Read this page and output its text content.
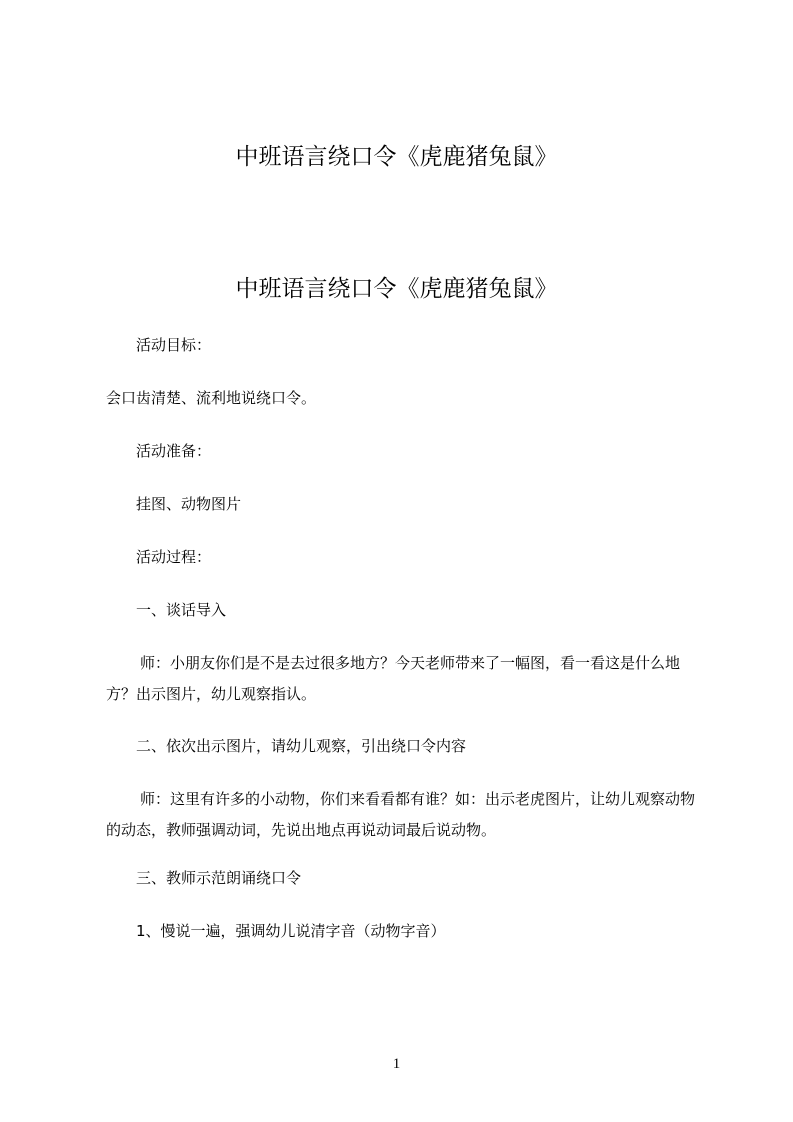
中班语言绕口令《虎鹿猪兔鼠》
中班语言绕口令《虎鹿猪兔鼠》
活动目标：
会口齿清楚、流利地说绕口令。
活动准备：
挂图、动物图片
活动过程：
一、谈话导入
师：小朋友你们是不是去过很多地方？今天老师带来了一幅图，看一看这是什么地方？出示图片，幼儿观察指认。
二、依次出示图片，请幼儿观察，引出绕口令内容
师：这里有许多的小动物，你们来看看都有谁？如：出示老虎图片，让幼儿观察动物的动态，教师强调动词，先说出地点再说动词最后说动物。
三、教师示范朗诵绕口令
1、慢说一遍，强调幼儿说清字音（动物字音）
1
